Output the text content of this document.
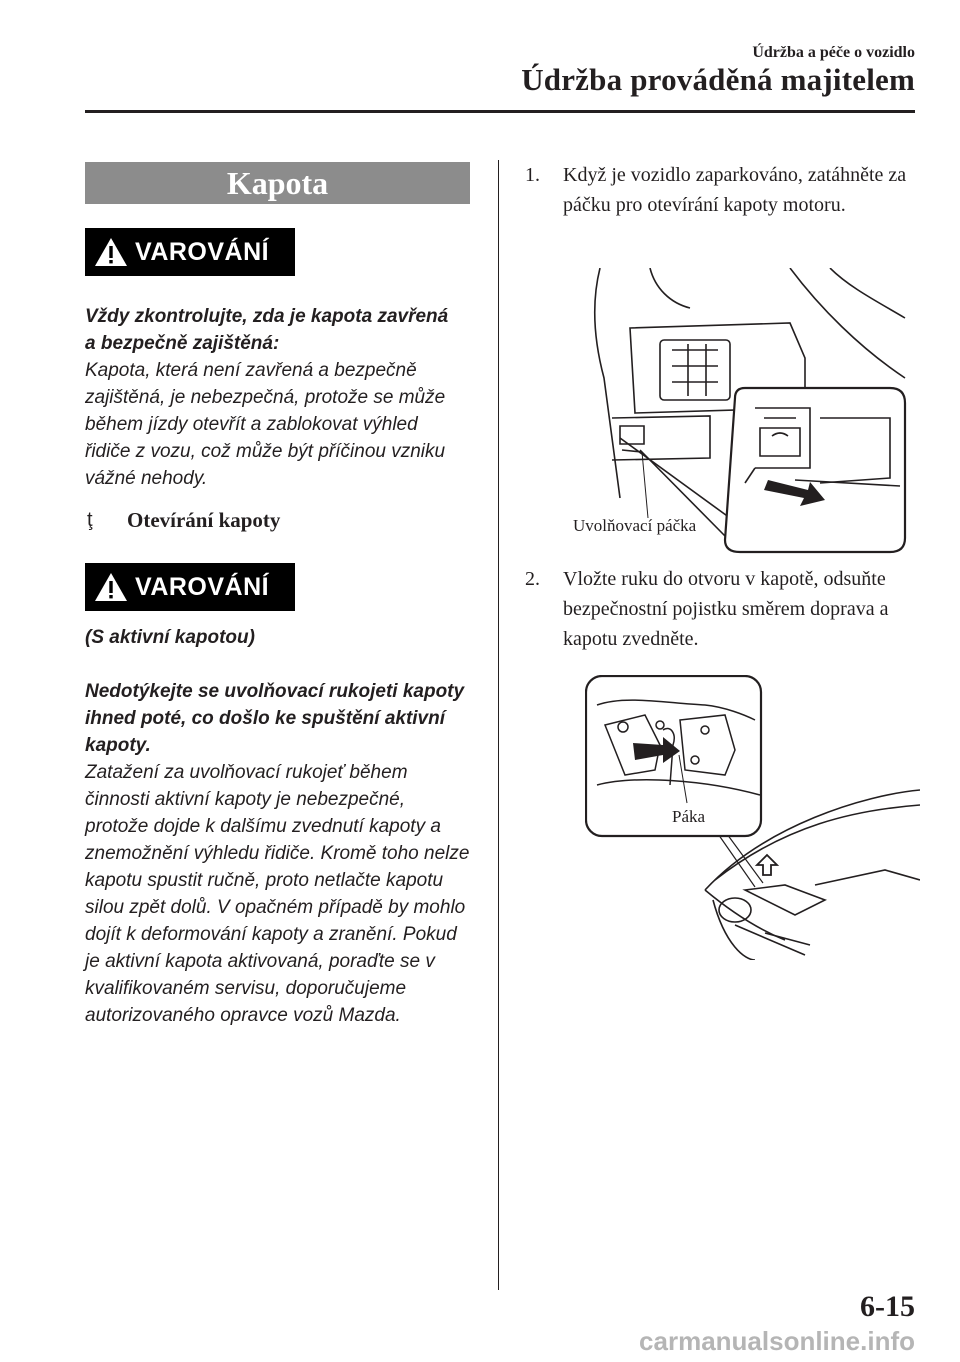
Údržba a péče o vozidlo
Údržba prováděná majitelem
Kapota
VAROVÁNÍ
Vždy zkontrolujte, zda je kapota zavřená a bezpečně zajištěná:
Kapota, která není zavřená a bezpečně zajištěná, je nebezpečná, protože se může během jízdy otevřít a zablokovat výhled řidiče z vozu, což může být příčinou vzniku vážné nehody.
ţ	Otevírání kapoty
VAROVÁNÍ
(S aktivní kapotou)
Nedotýkejte se uvolňovací rukojeti kapoty ihned poté, co došlo ke spuštění aktivní kapoty.
Zatažení za uvolňovací rukojeť během činnosti aktivní kapoty je nebezpečné, protože dojde k dalšímu zvednutí kapoty a znemožnění výhledu řidiče. Kromě toho nelze kapotu spustit ručně, proto netlačte kapotu silou zpět dolů. V opačném případě by mohlo dojít k deformování kapoty a zranění. Pokud je aktivní kapota aktivovaná, poraďte se v kvalifikovaném servisu, doporučujeme autorizovaného opravce vozů Mazda.
1. Když je vozidlo zaparkováno, zatáhněte za páčku pro otevírání kapoty motoru.
Uvolňovací páčka
2. Vložte ruku do otvoru v kapotě, odsuňte bezpečnostní pojistku směrem doprava a kapotu zvedněte.
Páka
6-15
carmanualsonline.info
